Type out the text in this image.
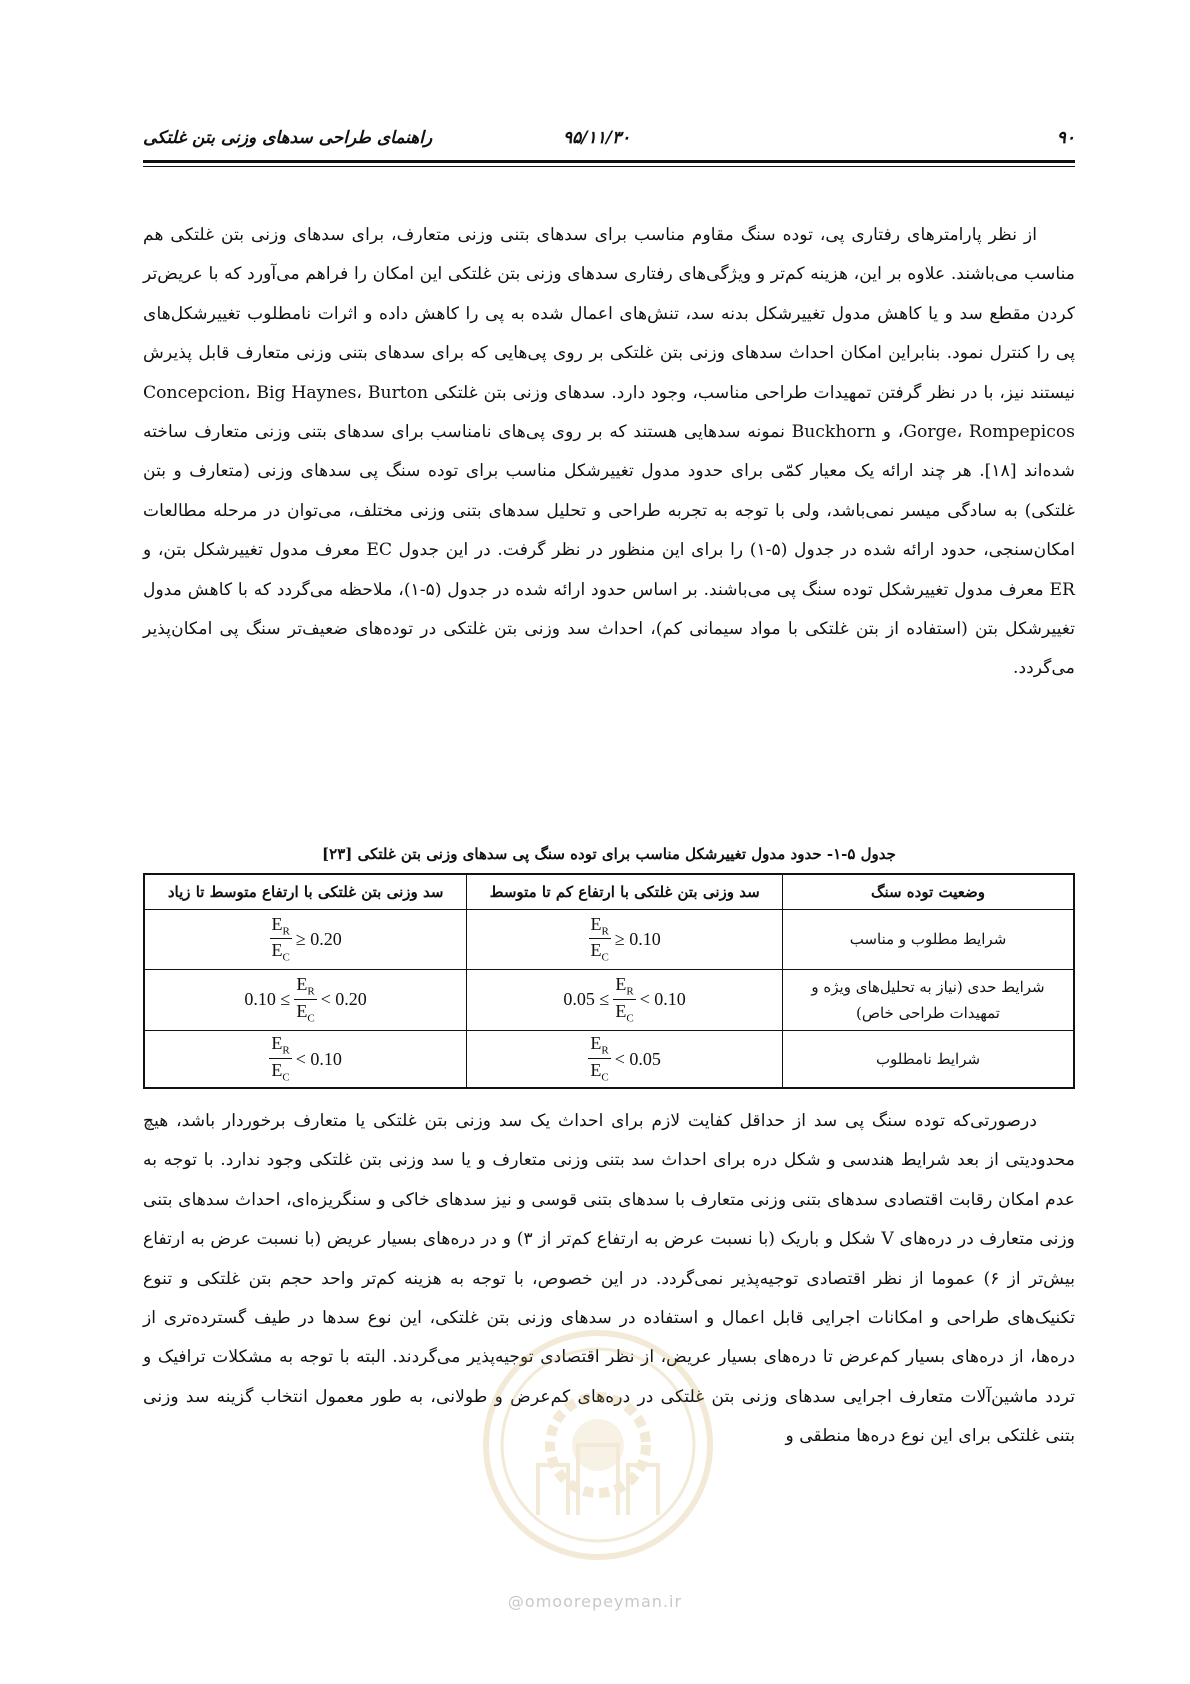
۹۰
۹۵/۱۱/۳۰
راهنمای طراحی سدهای وزنی بتن غلتکی

از نظر پارامترهای رفتاری پی، توده سنگ مقاوم مناسب برای سدهای بتنی وزنی متعارف، برای سدهای وزنی بتن غلتکی هم مناسب می‌باشند. علاوه بر این، هزینه کم‌تر و ویژگی‌های رفتاری سدهای وزنی بتن غلتکی این امکان را فراهم می‌آورد که با عریض‌تر کردن مقطع سد و یا کاهش مدول تغییرشکل بدنه سد، تنش‌های اعمال شده به پی را کاهش داده و اثرات نامطلوب تغییرشکل‌های پی را کنترل نمود. بنابراین امکان احداث سدهای وزنی بتن غلتکی بر روی پی‌هایی که برای سدهای بتنی وزنی متعارف قابل پذیرش نیستند نیز، با در نظر گرفتن تمهیدات طراحی مناسب، وجود دارد. سدهای وزنی بتن غلتکی Concepcion، Big Haynes، Burton Gorge، Rompepicos، و Buckhorn نمونه سدهایی هستند که بر روی پی‌های نامناسب برای سدهای بتنی وزنی متعارف ساخته شده‌اند [۱۸]. هر چند ارائه یک معیار کمّی برای حدود مدول تغییرشکل مناسب برای توده سنگ پی سدهای وزنی (متعارف و بتن غلتکی) به سادگی میسر نمی‌باشد، ولی با توجه به تجربه طراحی و تحلیل سدهای بتنی وزنی مختلف، می‌توان در مرحله مطالعات امکان‌سنجی، حدود ارائه شده در جدول (۵-۱) را برای این منظور در نظر گرفت. در این جدول EC معرف مدول تغییرشکل بتن، و ER معرف مدول تغییرشکل توده سنگ پی می‌باشند. بر اساس حدود ارائه شده در جدول (۵-۱)، ملاحظه می‌گردد که با کاهش مدول تغییرشکل بتن (استفاده از بتن غلتکی با مواد سیمانی کم)، احداث سد وزنی بتن غلتکی در توده‌های ضعیف‌تر سنگ پی امکان‌پذیر می‌گردد.

جدول ۵-۱- حدود مدول تغییرشکل مناسب برای توده سنگ پی سدهای وزنی بتن غلتکی [۲۳]
وضعیت توده سنگ	سد وزنی بتن غلتکی با ارتفاع کم تا متوسط	سد وزنی بتن غلتکی با ارتفاع متوسط تا زیاد
شرایط مطلوب و مناسب	$\frac{E_R}{E_C} \ge 0.10$	$\frac{E_R}{E_C} \ge 0.20$

شرایط حدی (نیاز به تحلیل‌های ویژه و تمهیدات طراحی خاص)	$0.05 \le \frac{E_R}{E_C} < 0.10$	$0.10 \le \frac{E_R}{E_C} < 0.20$

شرایط نامطلوب	$\frac{E_R}{E_C} < 0.05$	$\frac{E_R}{E_C} < 0.10$

درصورتی‌که توده سنگ پی سد از حداقل کفایت لازم برای احداث یک سد وزنی بتن غلتکی یا متعارف برخوردار باشد، هیچ محدودیتی از بعد شرایط هندسی و شکل دره برای احداث سد بتنی وزنی متعارف و یا سد وزنی بتن غلتکی وجود ندارد. با توجه به عدم امکان رقابت اقتصادی سدهای بتنی وزنی متعارف با سدهای بتنی قوسی و نیز سدهای خاکی و سنگریزه‌ای، احداث سدهای بتنی وزنی متعارف در دره‌های V شکل و باریک (با نسبت عرض به ارتفاع کم‌تر از ۳) و در دره‌های بسیار عریض (با نسبت عرض به ارتفاع بیش‌تر از ۶) عموما از نظر اقتصادی توجیه‌پذیر نمی‌گردد. در این خصوص، با توجه به هزینه کم‌تر واحد حجم بتن غلتکی و تنوع تکنیک‌های طراحی و امکانات اجرایی قابل اعمال و استفاده در سدهای وزنی بتن غلتکی، این نوع سدها در طیف گسترده‌تری از دره‌ها، از دره‌های بسیار کم‌عرض تا دره‌های بسیار عریض، از نظر اقتصادی توجیه‌پذیر می‌گردند. البته با توجه به مشکلات ترافیک و تردد ماشین‌آلات متعارف اجرایی سدهای وزنی بتن غلتکی در دره‌های کم‌عرض و طولانی، به طور معمول انتخاب گزینه سد وزنی بتنی غلتکی برای این نوع دره‌ها منطقی و

@omoorepeyman.ir
